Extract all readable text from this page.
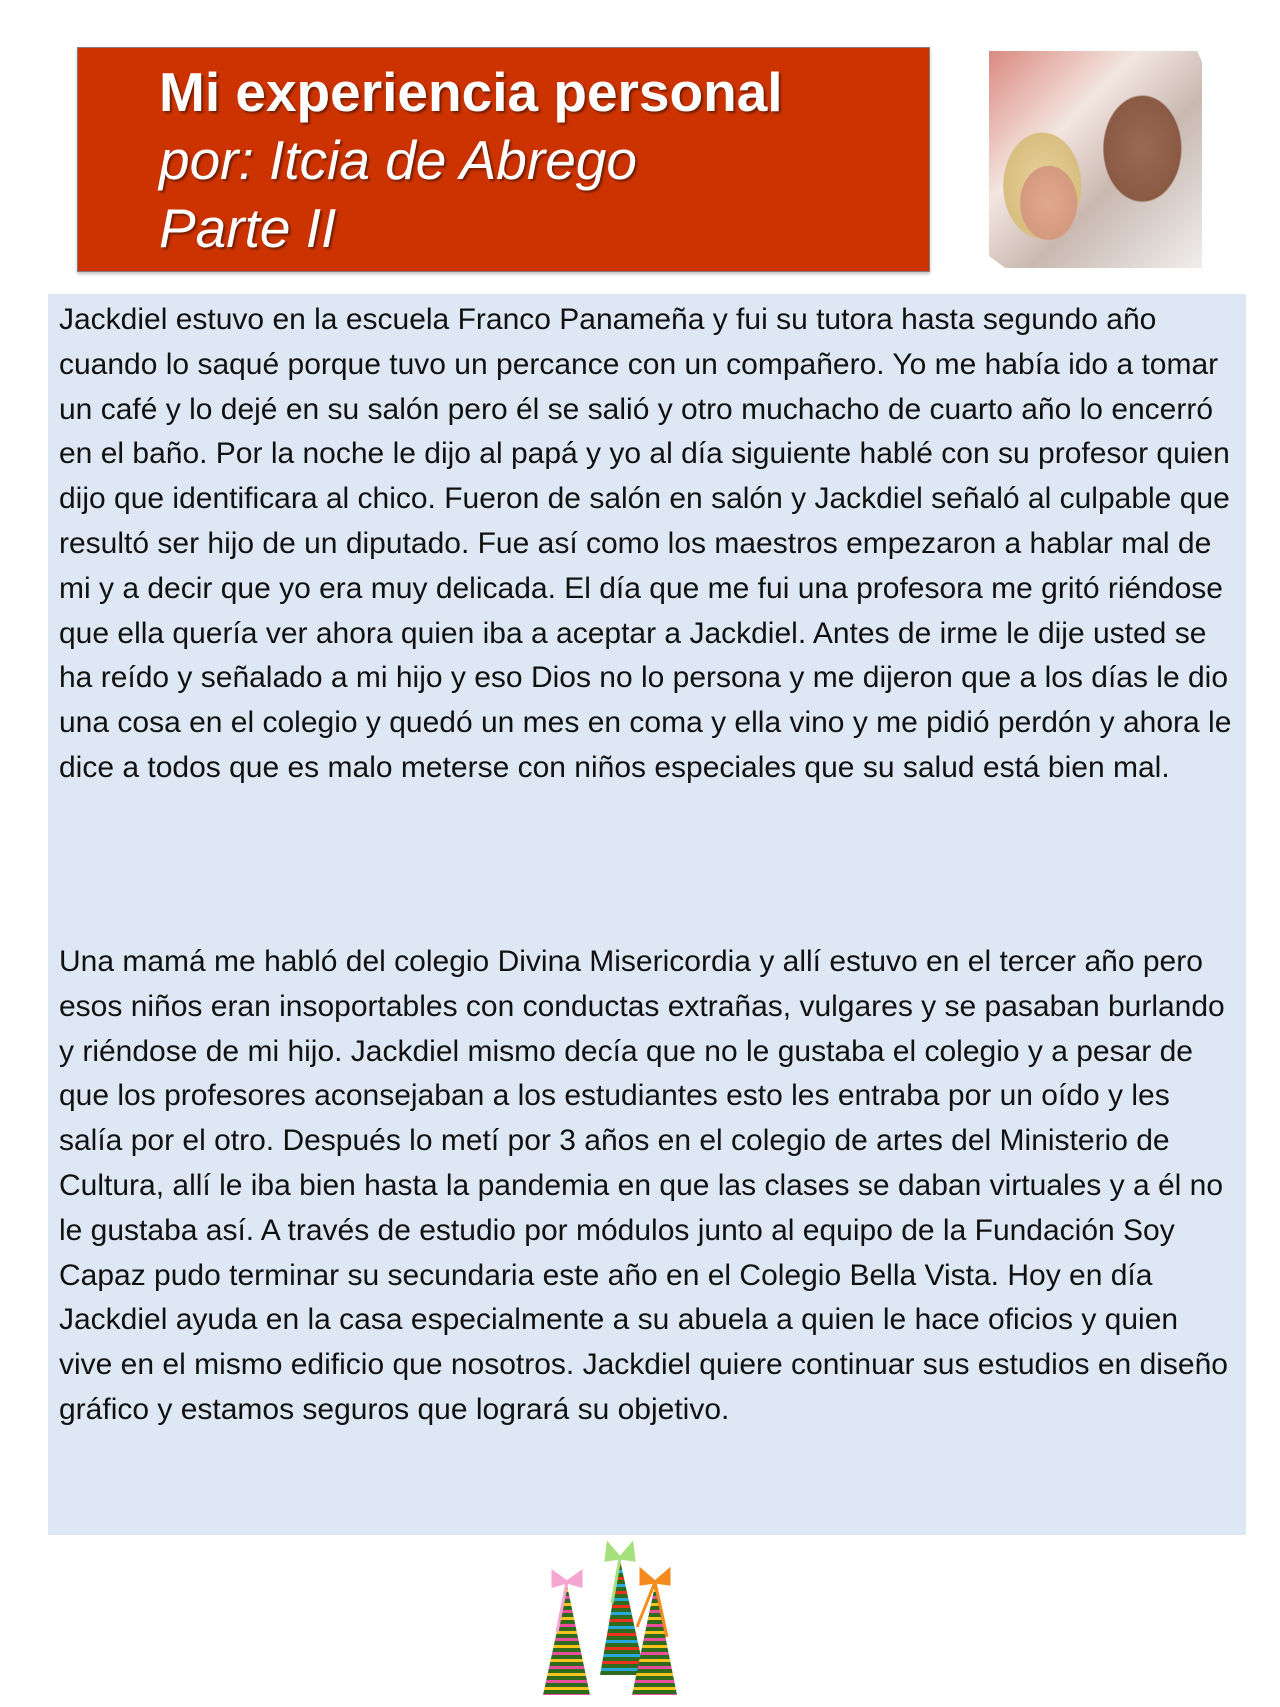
Mi experiencia personal
por: Itcia de Abrego
Parte II

Jackdiel estuvo en la escuela Franco Panameña y fui su tutora hasta segundo año cuando lo saqué porque tuvo un percance con un compañero. Yo me había ido a tomar un café y lo dejé en su salón pero él se salió y otro muchacho de cuarto año lo encerró en el baño. Por la noche le dijo al papá y yo al día siguiente hablé con su profesor quien dijo que identificara al chico. Fueron de salón en salón y Jackdiel señaló al culpable que resultó ser hijo de un diputado. Fue así como los maestros empezaron a hablar mal de mi y a decir que yo era muy delicada. El día que me fui una profesora me gritó riéndose que ella quería ver ahora quien iba a aceptar a Jackdiel. Antes de irme le dije usted se ha reído y señalado a mi hijo y eso Dios no lo persona y me dijeron que a los días le dio una cosa en el colegio y quedó un mes en coma y ella vino y me pidió perdón y ahora le dice a todos que es malo meterse con niños especiales que su salud está bien mal.

Una mamá me habló del colegio Divina Misericordia y allí estuvo en el tercer año pero esos niños eran insoportables con conductas extrañas, vulgares y se pasaban burlando y riéndose de mi hijo. Jackdiel mismo decía que no le gustaba el colegio y a pesar de que los profesores aconsejaban a los estudiantes esto les entraba por un oído y les salía por el otro. Después lo metí por 3 años en el colegio de artes del Ministerio de Cultura, allí le iba bien hasta la pandemia en que las clases se daban virtuales y a él no le gustaba así. A través de estudio por módulos junto al equipo de la Fundación Soy Capaz pudo terminar su secundaria este año en el Colegio Bella Vista. Hoy en día Jackdiel ayuda en la casa especialmente a su abuela a quien le hace oficios y quien vive en el mismo edificio que nosotros. Jackdiel quiere continuar sus estudios en diseño gráfico y estamos seguros que logrará su objetivo.
